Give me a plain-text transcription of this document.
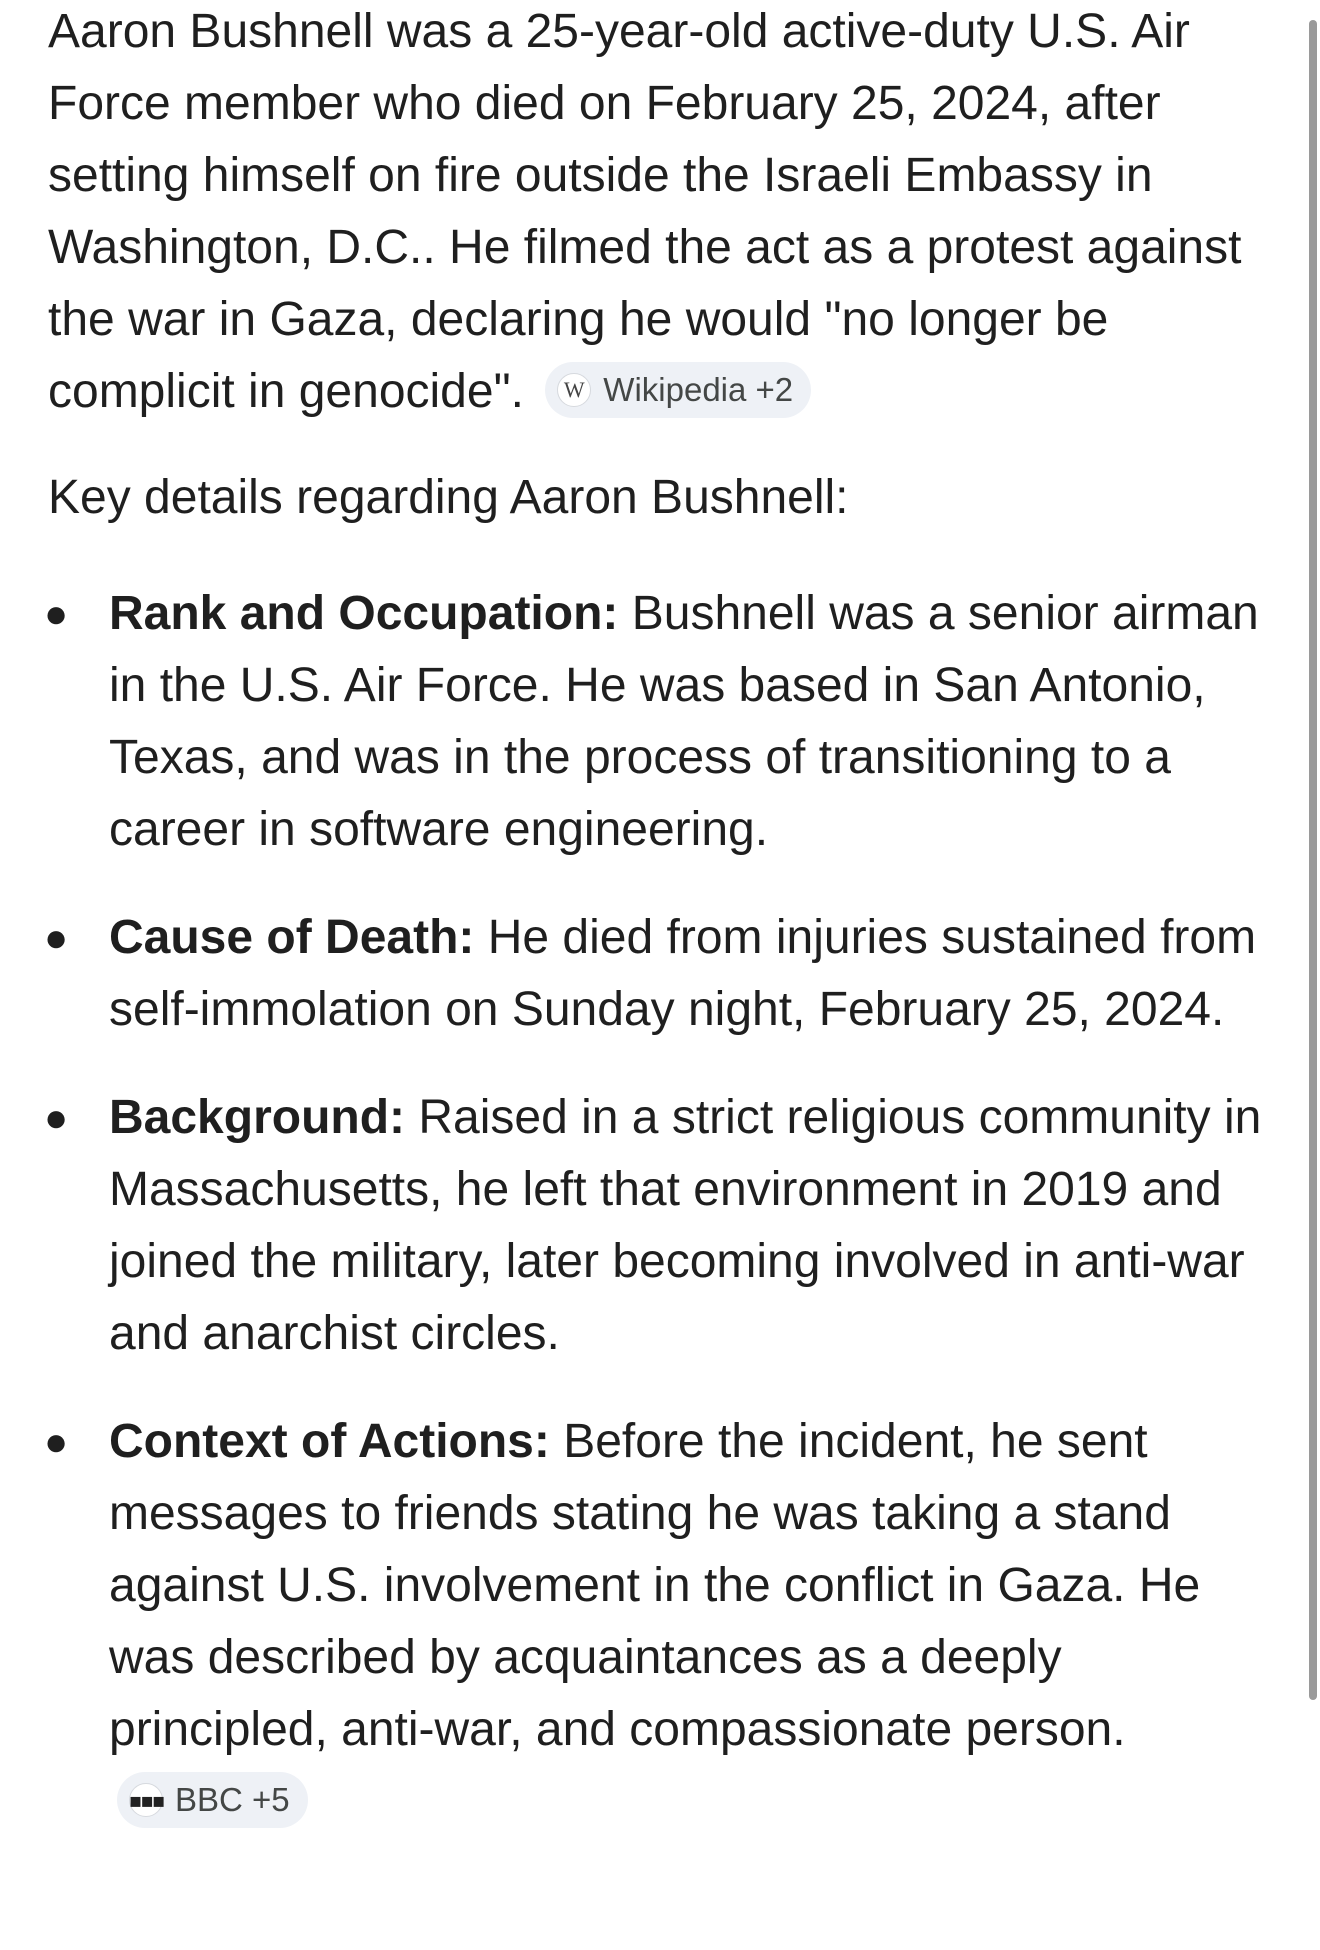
Aaron Bushnell was a 25-year-old active-duty U.S. Air Force member who died on February 25, 2024, after setting himself on fire outside the Israeli Embassy in Washington, D.C.. He filmed the act as a protest against the war in Gaza, declaring he would "no longer be complicit in genocide".	W Wikipedia +2

Key details regarding Aaron Bushnell:

● Rank and Occupation: Bushnell was a senior airman in the U.S. Air Force. He was based in San Antonio, Texas, and was in the process of transitioning to a career in software engineering.
● Cause of Death: He died from injuries sustained from self-immolation on Sunday night, February 25, 2024.
● Background: Raised in a strict religious community in Massachusetts, he left that environment in 2019 and joined the military, later becoming involved in anti-war and anarchist circles.
● Context of Actions: Before the incident, he sent messages to friends stating he was taking a stand against U.S. involvement in the conflict in Gaza. He was described by acquaintances as a deeply principled, anti-war, and compassionate person.
▪▪▪ BBC +5
